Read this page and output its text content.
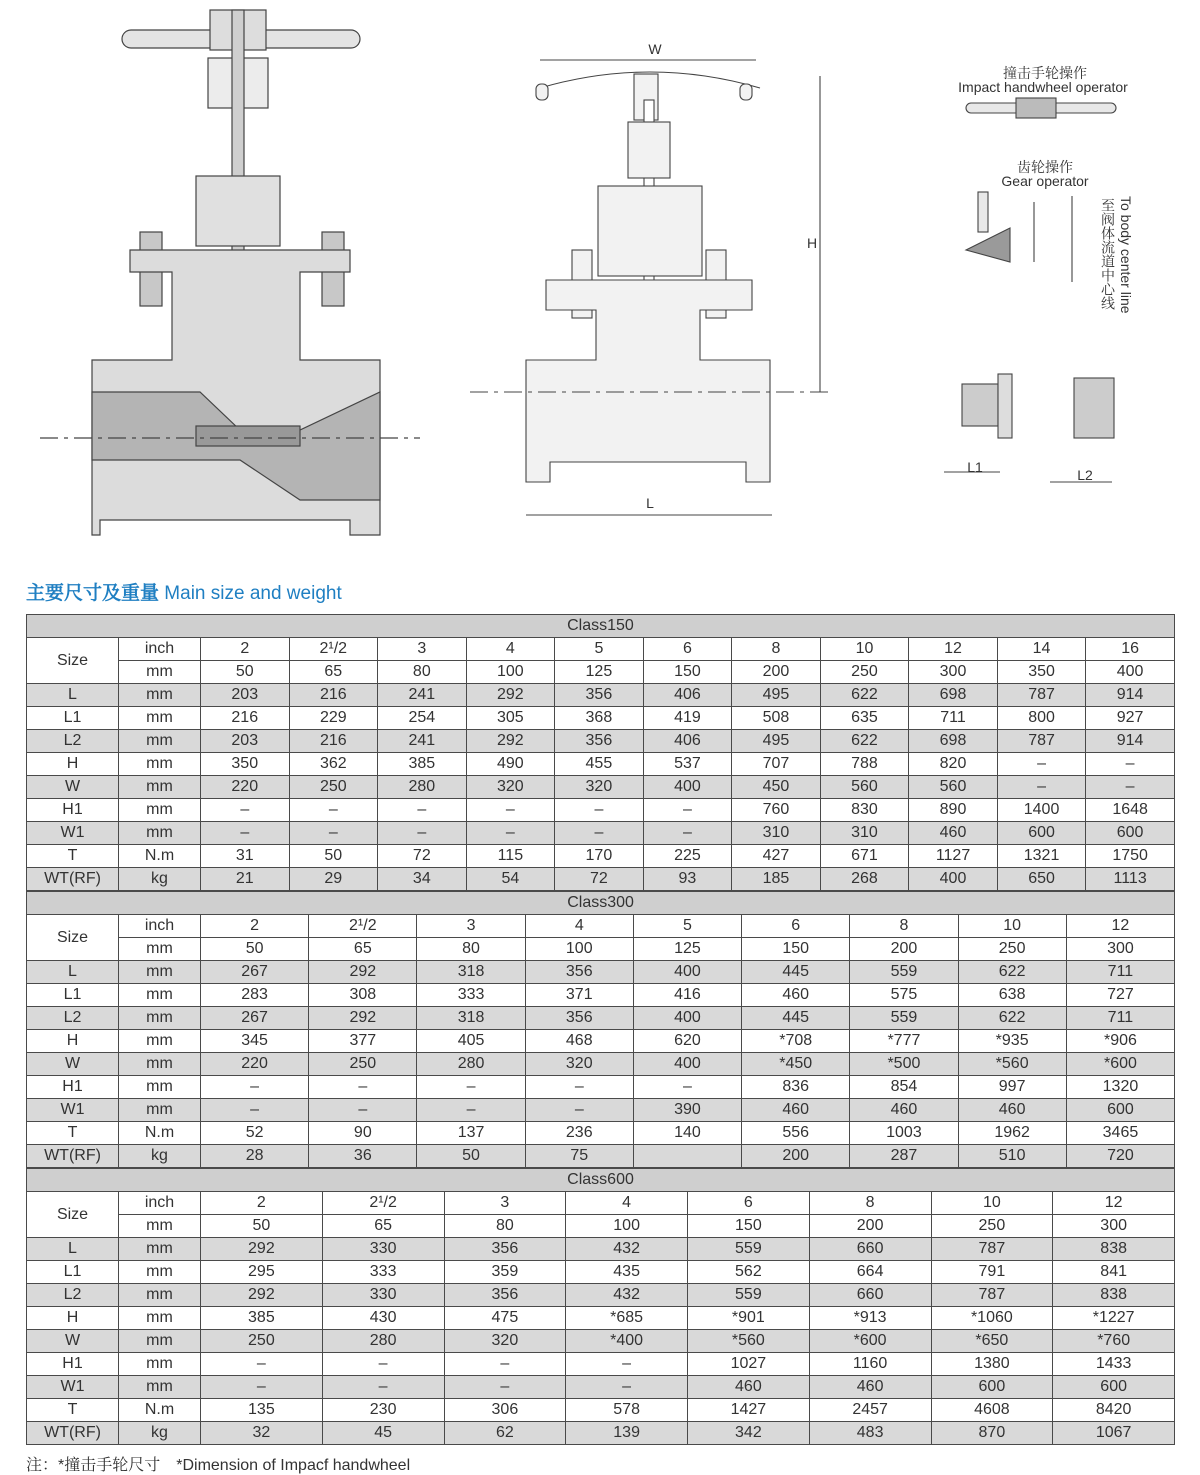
撞击手轮操作
Impact handwheel operator
齿轮操作
Gear operator
至阀体流道中心线 To body center line
W
H
L
L1	L2
主要尺寸及重量 Main size and weight
Class150												
Size	inch	2	2¹/2	3	4	5	6	8	10	12	14	16
	mm	50	65	80	100	125	150	200	250	300	350	400
L	mm	203	216	241	292	356	406	495	622	698	787	914
L1	mm	216	229	254	305	368	419	508	635	711	800	927
L2	mm	203	216	241	292	356	406	495	622	698	787	914
H	mm	350	362	385	490	455	537	707	788	820	–	–
W	mm	220	250	280	320	320	400	450	560	560	–	–
H1	mm	–	–	–	–	–	–	760	830	890	1400	1648
W1	mm	–	–	–	–	–	–	310	310	460	600	600
T	N.m	31	50	72	115	170	225	427	671	1127	1321	1750
WT(RF)	kg	21	29	34	54	72	93	185	268	400	650	1113
Class300										
Size	inch	2	2¹/2	3	4	5	6	8	10	12
	mm	50	65	80	100	125	150	200	250	300
L	mm	267	292	318	356	400	445	559	622	711
L1	mm	283	308	333	371	416	460	575	638	727
L2	mm	267	292	318	356	400	445	559	622	711
H	mm	345	377	405	468	620	*708	*777	*935	*906
W	mm	220	250	280	320	400	*450	*500	*560	*600
H1	mm	–	–	–	–	–	836	854	997	1320
W1	mm	–	–	–	–	390	460	460	460	600
T	N.m	52	90	137	236	140	556	1003	1962	3465
WT(RF)	kg	28	36	50	75		200	287	510	720
Class600									
Size	inch	2	2¹/2	3	4	6	8	10	12
	mm	50	65	80	100	150	200	250	300
L	mm	292	330	356	432	559	660	787	838
L1	mm	295	333	359	435	562	664	791	841
L2	mm	292	330	356	432	559	660	787	838
H	mm	385	430	475	*685	*901	*913	*1060	*1227
W	mm	250	280	320	*400	*560	*600	*650	*760
H1	mm	–	–	–	–	1027	1160	1380	1433
W1	mm	–	–	–	–	460	460	600	600
T	N.m	135	230	306	578	1427	2457	4608	8420
WT(RF)	kg	32	45	62	139	342	483	870	1067
注：*撞击手轮尺寸　*Dimension of Impacf handwheel
